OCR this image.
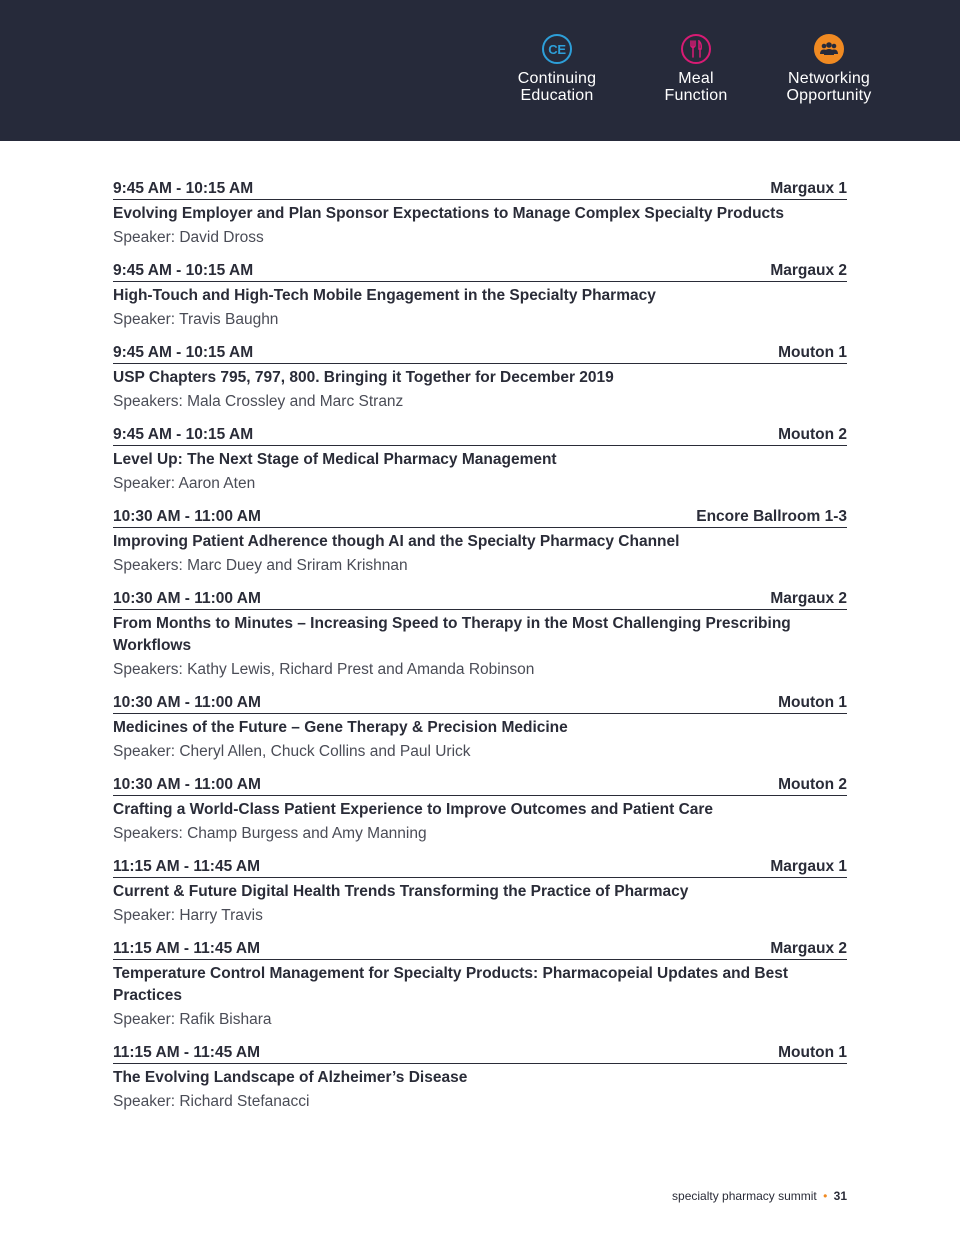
CE
Continuing
Education
Meal
Function
Networking
Opportunity
9:45 AM - 10:15 AM	Margaux 1
Evolving Employer and Plan Sponsor Expectations to Manage Complex Specialty Products
Speaker: David Dross
9:45 AM - 10:15 AM	Margaux 2
High-Touch and High-Tech Mobile Engagement in the Specialty Pharmacy
Speaker: Travis Baughn
9:45 AM - 10:15 AM	Mouton 1
USP Chapters 795, 797, 800. Bringing it Together for December 2019
Speakers: Mala Crossley and Marc Stranz
9:45 AM - 10:15 AM	Mouton 2
Level Up: The Next Stage of Medical Pharmacy Management
Speaker: Aaron Aten
10:30 AM - 11:00 AM	Encore Ballroom 1-3
Improving Patient Adherence though AI and the Specialty Pharmacy Channel
Speakers: Marc Duey and Sriram Krishnan
10:30 AM - 11:00 AM	Margaux 2
From Months to Minutes – Increasing Speed to Therapy in the Most Challenging Prescribing Workflows
Speakers: Kathy Lewis, Richard Prest and Amanda Robinson
10:30 AM - 11:00 AM	Mouton 1
Medicines of the Future – Gene Therapy & Precision Medicine
Speaker: Cheryl Allen, Chuck Collins and Paul Urick
10:30 AM - 11:00 AM	Mouton 2
Crafting a World-Class Patient Experience to Improve Outcomes and Patient Care
Speakers: Champ Burgess and Amy Manning
11:15 AM - 11:45 AM	Margaux 1
Current & Future Digital Health Trends Transforming the Practice of Pharmacy
Speaker: Harry Travis
11:15 AM - 11:45 AM	Margaux 2
Temperature Control Management for Specialty Products: Pharmacopeial Updates and Best Practices
Speaker: Rafik Bishara
11:15 AM - 11:45 AM	Mouton 1
The Evolving Landscape of Alzheimer’s Disease
Speaker: Richard Stefanacci
specialty pharmacy summit • 31
